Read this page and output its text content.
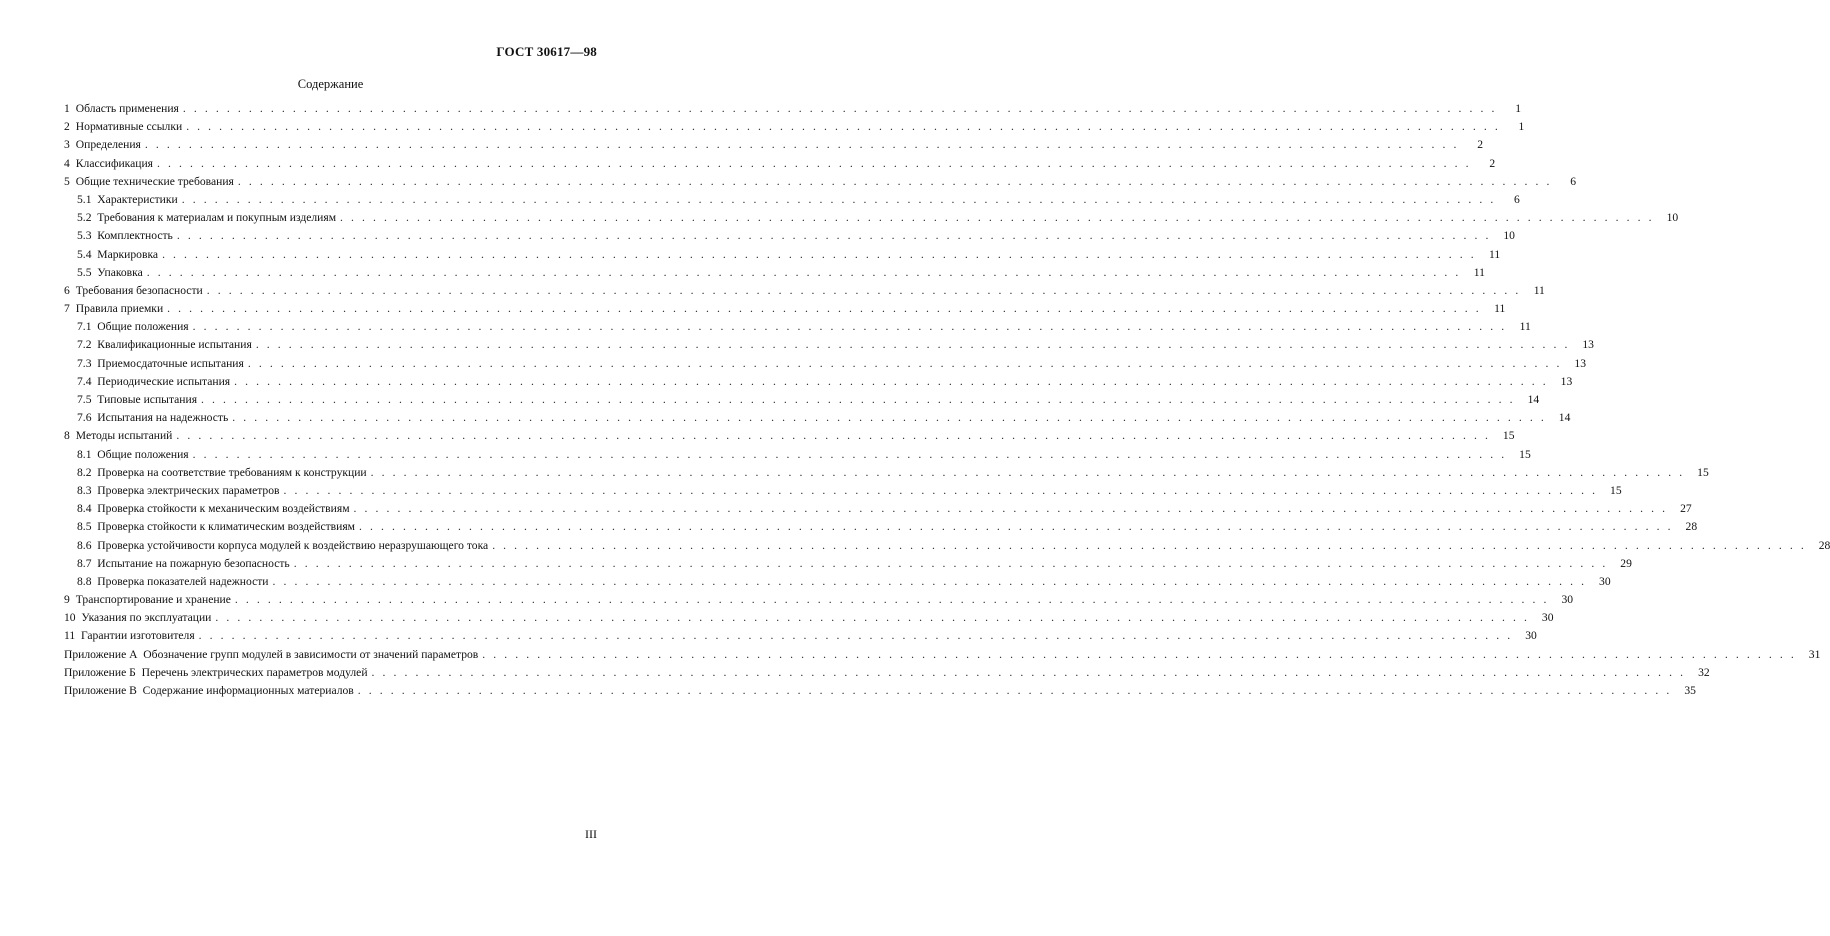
ГОСТ 30617—98
Содержание
1 Область применения . . . . . . . . . . . . . . . . . . . . . . . . . . . . . . . . . . . . . . . . . . . . . . . . . . . . . . . . . . . . . . . . . . . . . . . . . . . . . . . . . . . . . . . . . . . . . . . . . . . . . . . . . . . . . . . . . . . . . . . .	1
2 Нормативные ссылки . . . . . . . . . . . . . . . . . . . . . . . . . . . . . . . . . . . . . . . . . . . . . . . . . . . . . . . . . . . . . . . . . . . . . . . . . . . . . . . . . . . . . . . . . . . . . . . . . . . . . . . . . . . . . . . . . . . . . . . .	1
3 Определения . . . . . . . . . . . . . . . . . . . . . . . . . . . . . . . . . . . . . . . . . . . . . . . . . . . . . . . . . . . . . . . . . . . . . . . . . . . . . . . . . . . . . . . . . . . . . . . . . . . . . . . . . . . . . . . . . . . . . . . .	2
4 Классификация . . . . . . . . . . . . . . . . . . . . . . . . . . . . . . . . . . . . . . . . . . . . . . . . . . . . . . . . . . . . . . . . . . . . . . . . . . . . . . . . . . . . . . . . . . . . . . . . . . . . . . . . . . . . . . . . . . . . . . . .	2
5 Общие технические требования . . . . . . . . . . . . . . . . . . . . . . . . . . . . . . . . . . . . . . . . . . . . . . . . . . . . . . . . . . . . . . . . . . . . . . . . . . . . . . . . . . . . . . . . . . . . . . . . . . . . . . . . . . . . . . . . . . . . . . . .	6
5.1 Характеристики . . . . . . . . . . . . . . . . . . . . . . . . . . . . . . . . . . . . . . . . . . . . . . . . . . . . . . . . . . . . . . . . . . . . . . . . . . . . . . . . . . . . . . . . . . . . . . . . . . . . . . . . . . . . . . . . . . . . . . . .	6
5.2 Требования к материалам и покупным изделиям . . . . . . . . . . . . . . . . . . . . . . . . . . . . . . . . . . . . . . . . . . . . . . . . . . . . . . . . . . . . . . . . . . . . . . . . . . . . . . . . . . . . . . . . . . . . . . . . . . . . . . . . . . . . . . . . . . . . . . . .	10
5.3 Комплектность . . . . . . . . . . . . . . . . . . . . . . . . . . . . . . . . . . . . . . . . . . . . . . . . . . . . . . . . . . . . . . . . . . . . . . . . . . . . . . . . . . . . . . . . . . . . . . . . . . . . . . . . . . . . . . . . . . . . . . . .	10
5.4 Маркировка . . . . . . . . . . . . . . . . . . . . . . . . . . . . . . . . . . . . . . . . . . . . . . . . . . . . . . . . . . . . . . . . . . . . . . . . . . . . . . . . . . . . . . . . . . . . . . . . . . . . . . . . . . . . . . . . . . . . . . . .	11
5.5 Упаковка . . . . . . . . . . . . . . . . . . . . . . . . . . . . . . . . . . . . . . . . . . . . . . . . . . . . . . . . . . . . . . . . . . . . . . . . . . . . . . . . . . . . . . . . . . . . . . . . . . . . . . . . . . . . . . . . . . . . . . . .	11
6 Требования безопасности . . . . . . . . . . . . . . . . . . . . . . . . . . . . . . . . . . . . . . . . . . . . . . . . . . . . . . . . . . . . . . . . . . . . . . . . . . . . . . . . . . . . . . . . . . . . . . . . . . . . . . . . . . . . . . . . . . . . . . . .	11
7 Правила приемки . . . . . . . . . . . . . . . . . . . . . . . . . . . . . . . . . . . . . . . . . . . . . . . . . . . . . . . . . . . . . . . . . . . . . . . . . . . . . . . . . . . . . . . . . . . . . . . . . . . . . . . . . . . . . . . . . . . . . . . .	11
7.1 Общие положения . . . . . . . . . . . . . . . . . . . . . . . . . . . . . . . . . . . . . . . . . . . . . . . . . . . . . . . . . . . . . . . . . . . . . . . . . . . . . . . . . . . . . . . . . . . . . . . . . . . . . . . . . . . . . . . . . . . . . . . .	11
7.2 Квалификационные испытания . . . . . . . . . . . . . . . . . . . . . . . . . . . . . . . . . . . . . . . . . . . . . . . . . . . . . . . . . . . . . . . . . . . . . . . . . . . . . . . . . . . . . . . . . . . . . . . . . . . . . . . . . . . . . . . . . . . . . . . .	13
7.3 Приемосдаточные испытания . . . . . . . . . . . . . . . . . . . . . . . . . . . . . . . . . . . . . . . . . . . . . . . . . . . . . . . . . . . . . . . . . . . . . . . . . . . . . . . . . . . . . . . . . . . . . . . . . . . . . . . . . . . . . . . . . . . . . . . .	13
7.4 Периодические испытания . . . . . . . . . . . . . . . . . . . . . . . . . . . . . . . . . . . . . . . . . . . . . . . . . . . . . . . . . . . . . . . . . . . . . . . . . . . . . . . . . . . . . . . . . . . . . . . . . . . . . . . . . . . . . . . . . . . . . . . .	13
7.5 Типовые испытания . . . . . . . . . . . . . . . . . . . . . . . . . . . . . . . . . . . . . . . . . . . . . . . . . . . . . . . . . . . . . . . . . . . . . . . . . . . . . . . . . . . . . . . . . . . . . . . . . . . . . . . . . . . . . . . . . . . . . . . .	14
7.6 Испытания на надежность . . . . . . . . . . . . . . . . . . . . . . . . . . . . . . . . . . . . . . . . . . . . . . . . . . . . . . . . . . . . . . . . . . . . . . . . . . . . . . . . . . . . . . . . . . . . . . . . . . . . . . . . . . . . . . . . . . . . . . . .	14
8 Методы испытаний . . . . . . . . . . . . . . . . . . . . . . . . . . . . . . . . . . . . . . . . . . . . . . . . . . . . . . . . . . . . . . . . . . . . . . . . . . . . . . . . . . . . . . . . . . . . . . . . . . . . . . . . . . . . . . . . . . . . . . . .	15
8.1 Общие положения . . . . . . . . . . . . . . . . . . . . . . . . . . . . . . . . . . . . . . . . . . . . . . . . . . . . . . . . . . . . . . . . . . . . . . . . . . . . . . . . . . . . . . . . . . . . . . . . . . . . . . . . . . . . . . . . . . . . . . . .	15
8.2 Проверка на соответствие требованиям к конструкции . . . . . . . . . . . . . . . . . . . . . . . . . . . . . . . . . . . . . . . . . . . . . . . . . . . . . . . . . . . . . . . . . . . . . . . . . . . . . . . . . . . . . . . . . . . . . . . . . . . . . . . . . . . . . . . . . . . . . . . .	15
8.3 Проверка электрических параметров . . . . . . . . . . . . . . . . . . . . . . . . . . . . . . . . . . . . . . . . . . . . . . . . . . . . . . . . . . . . . . . . . . . . . . . . . . . . . . . . . . . . . . . . . . . . . . . . . . . . . . . . . . . . . . . . . . . . . . . .	15
8.4 Проверка стойкости к механическим воздействиям . . . . . . . . . . . . . . . . . . . . . . . . . . . . . . . . . . . . . . . . . . . . . . . . . . . . . . . . . . . . . . . . . . . . . . . . . . . . . . . . . . . . . . . . . . . . . . . . . . . . . . . . . . . . . . . . . . . . . . . .	27
8.5 Проверка стойкости к климатическим воздействиям . . . . . . . . . . . . . . . . . . . . . . . . . . . . . . . . . . . . . . . . . . . . . . . . . . . . . . . . . . . . . . . . . . . . . . . . . . . . . . . . . . . . . . . . . . . . . . . . . . . . . . . . . . . . . . . . . . . . . . . .	28
8.6 Проверка устойчивости корпуса модулей к воздействию неразрушающего тока . . . . . . . . . . . . . . . . . . . . . . . . . . . . . . . . . . . . . . . . . . . . . . . . . . . . . . . . . . . . . . . . . . . . . . . . . . . . . . . . . . . . . . . . . . . . . . . . . . . . . . . . . . . . . . . . . . . . . . . .	28
8.7 Испытание на пожарную безопасность . . . . . . . . . . . . . . . . . . . . . . . . . . . . . . . . . . . . . . . . . . . . . . . . . . . . . . . . . . . . . . . . . . . . . . . . . . . . . . . . . . . . . . . . . . . . . . . . . . . . . . . . . . . . . . . . . . . . . . . .	29
8.8 Проверка показателей надежности . . . . . . . . . . . . . . . . . . . . . . . . . . . . . . . . . . . . . . . . . . . . . . . . . . . . . . . . . . . . . . . . . . . . . . . . . . . . . . . . . . . . . . . . . . . . . . . . . . . . . . . . . . . . . . . . . . . . . . . .	30
9 Транспортирование и хранение . . . . . . . . . . . . . . . . . . . . . . . . . . . . . . . . . . . . . . . . . . . . . . . . . . . . . . . . . . . . . . . . . . . . . . . . . . . . . . . . . . . . . . . . . . . . . . . . . . . . . . . . . . . . . . . . . . . . . . . .	30
10 Указания по эксплуатации . . . . . . . . . . . . . . . . . . . . . . . . . . . . . . . . . . . . . . . . . . . . . . . . . . . . . . . . . . . . . . . . . . . . . . . . . . . . . . . . . . . . . . . . . . . . . . . . . . . . . . . . . . . . . . . . . . . . . . . .	30
11 Гарантии изготовителя . . . . . . . . . . . . . . . . . . . . . . . . . . . . . . . . . . . . . . . . . . . . . . . . . . . . . . . . . . . . . . . . . . . . . . . . . . . . . . . . . . . . . . . . . . . . . . . . . . . . . . . . . . . . . . . . . . . . . . . .	30
Приложение А Обозначение групп модулей в зависимости от значений параметров . . . . . . . . . . . . . . . . . . . . . . . . . . . . . . . . . . . . . . . . . . . . . . . . . . . . . . . . . . . . . . . . . . . . . . . . . . . . . . . . . . . . . . . . . . . . . . . . . . . . . . . . . . . . . . . . . . . . . . . .	31
Приложение Б Перечень электрических параметров модулей . . . . . . . . . . . . . . . . . . . . . . . . . . . . . . . . . . . . . . . . . . . . . . . . . . . . . . . . . . . . . . . . . . . . . . . . . . . . . . . . . . . . . . . . . . . . . . . . . . . . . . . . . . . . . . . . . . . . . . . .	32
Приложение В Содержание информационных материалов . . . . . . . . . . . . . . . . . . . . . . . . . . . . . . . . . . . . . . . . . . . . . . . . . . . . . . . . . . . . . . . . . . . . . . . . . . . . . . . . . . . . . . . . . . . . . . . . . . . . . . . . . . . . . . . . . . . . . . . .	35
III
